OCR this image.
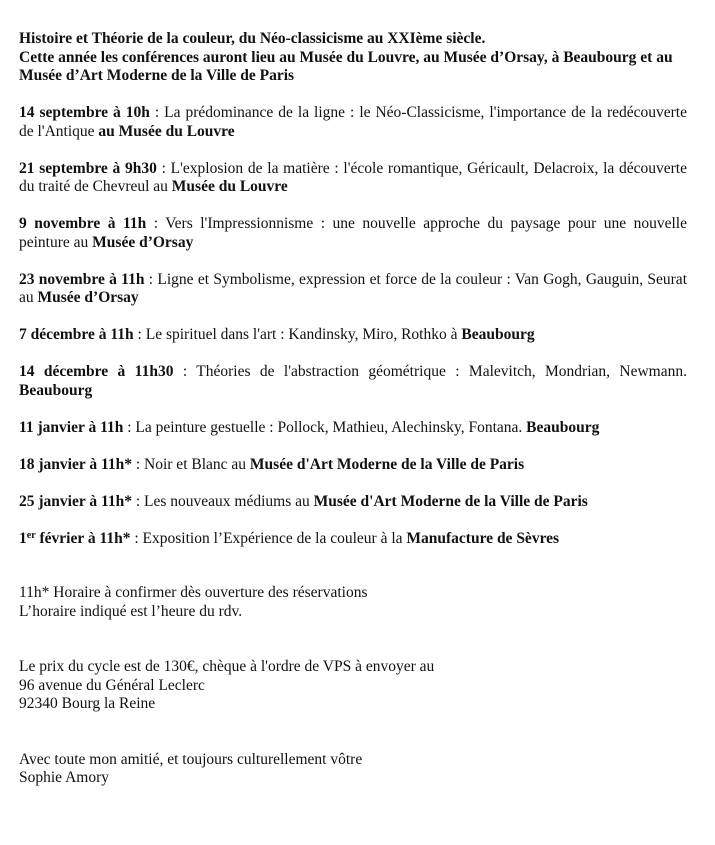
Histoire et Théorie de la couleur, du Néo-classicisme au XXIème siècle.
Cette année les conférences auront lieu au Musée du Louvre, au Musée d’Orsay, à Beaubourg et au Musée d’Art Moderne de la Ville de Paris
14 septembre à 10h : La prédominance de la ligne : le Néo-Classicisme, l'importance de la redécouverte de l'Antique au Musée du Louvre
21 septembre à 9h30 : L'explosion de la matière : l'école romantique, Géricault, Delacroix, la découverte du traité de Chevreul au Musée du Louvre
9 novembre à 11h : Vers l'Impressionnisme : une nouvelle approche du paysage pour une nouvelle peinture au Musée d’Orsay
23 novembre à 11h : Ligne et Symbolisme, expression et force de la couleur : Van Gogh, Gauguin, Seurat au Musée d’Orsay
7 décembre à 11h : Le spirituel dans l'art : Kandinsky, Miro, Rothko à Beaubourg
14 décembre à 11h30 : Théories de l'abstraction géométrique : Malevitch, Mondrian, Newmann. Beaubourg
11 janvier à 11h : La peinture gestuelle : Pollock, Mathieu, Alechinsky, Fontana. Beaubourg
18 janvier à 11h* : Noir et Blanc au Musée d'Art Moderne de la Ville de Paris
25 janvier à 11h* : Les nouveaux médiums au Musée d'Art Moderne de la Ville de Paris
1er février à 11h* : Exposition l’Expérience de la couleur à la Manufacture de Sèvres
11h* Horaire à confirmer dès ouverture des réservations
L’horaire indiqué est l’heure du rdv.
Le prix du cycle est de 130€, chèque à l'ordre de VPS à envoyer au
96 avenue du Général Leclerc
92340 Bourg la Reine
Avec toute mon amitié, et toujours culturellement vôtre
Sophie Amory
